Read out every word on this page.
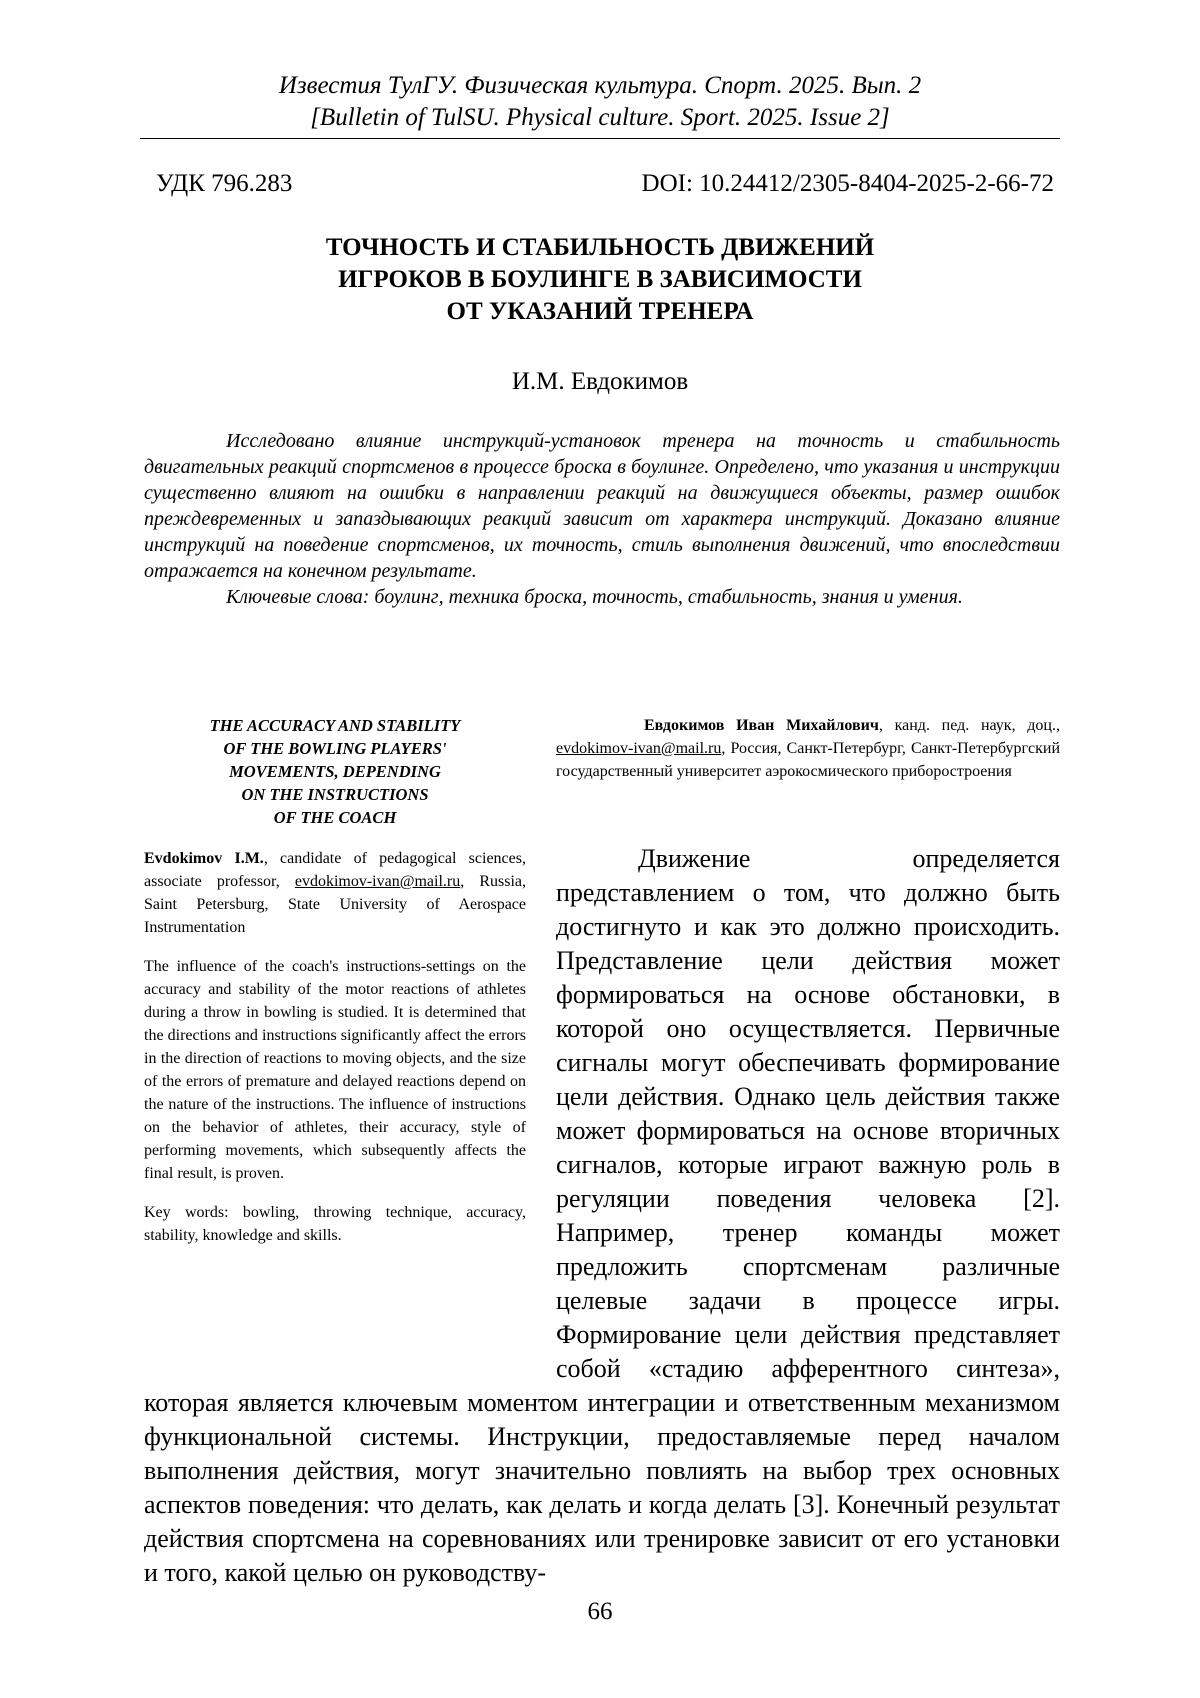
Известия ТулГУ. Физическая культура. Спорт. 2025. Вып. 2
[Bulletin of TulSU. Physical culture. Sport. 2025. Issue 2]
УДК 796.283	DOI: 10.24412/2305-8404-2025-2-66-72
ТОЧНОСТЬ И СТАБИЛЬНОСТЬ ДВИЖЕНИЙ
ИГРОКОВ В БОУЛИНГЕ В ЗАВИСИМОСТИ
ОТ УКАЗАНИЙ ТРЕНЕРА
И.М. Евдокимов

Исследовано влияние инструкций-установок тренера на точность и стабильность двигательных реакций спортсменов в процессе броска в боулинге. Определено, что указания и инструкции существенно влияют на ошибки в направлении реакций на движущиеся объекты, размер ошибок преждевременных и запаздывающих реакций зависит от характера инструкций. Доказано влияние инструкций на поведение спортсменов, их точность, стиль выполнения движений, что впоследствии отражается на конечном результате.

Ключевые слова: боулинг, техника броска, точность, стабильность, знания и умения.

THE ACCURACY AND STABILITY
OF THE BOWLING PLAYERS'
MOVEMENTS, DEPENDING
ON THE INSTRUCTIONS
OF THE COACH

Evdokimov I.M., candidate of pedagogical sciences, associate professor, evdokimov-ivan@mail.ru, Russia, Saint Petersburg, State University of Aerospace Instrumentation

The influence of the coach's instructions-settings on the accuracy and stability of the motor reactions of athletes during a throw in bowling is studied. It is determined that the directions and instructions significantly affect the errors in the direction of reactions to moving objects, and the size of the errors of premature and delayed reactions depend on the nature of the instructions. The influence of instructions on the behavior of athletes, their accuracy, style of performing movements, which subsequently affects the final result, is proven.

Key words: bowling, throwing technique, accuracy, stability, knowledge and skills.

Евдокимов Иван Михайлович, канд. пед. наук, доц., evdokimov-ivan@mail.ru, Россия, Санкт-Петербург, Санкт-Петербургский государственный университет аэрокосмического приборостроения

Движение определяется представлением о том, что должно быть достигнуто и как это должно происходить. Представление цели действия может формироваться на основе обстановки, в которой оно осуществляется. Первичные сигналы могут обеспечивать формирование цели действия. Однако цель действия также может формироваться на основе вторичных сигналов, которые играют важную роль в регуляции поведения человека [2]. Например, тренер команды может предложить спортсменам различные целевые задачи в процессе игры. Формирование цели действия представляет собой «стадию афферентного синтеза», которая является ключевым моментом интеграции и ответственным механизмом функциональной системы. Инструкции, предоставляемые перед началом выполнения действия, могут значительно повлиять на выбор трех основных аспектов поведения: что делать, как делать и когда делать [3]. Конечный результат действия спортсмена на соревнованиях или тренировке зависит от его установки и того, какой целью он руководству-

66
